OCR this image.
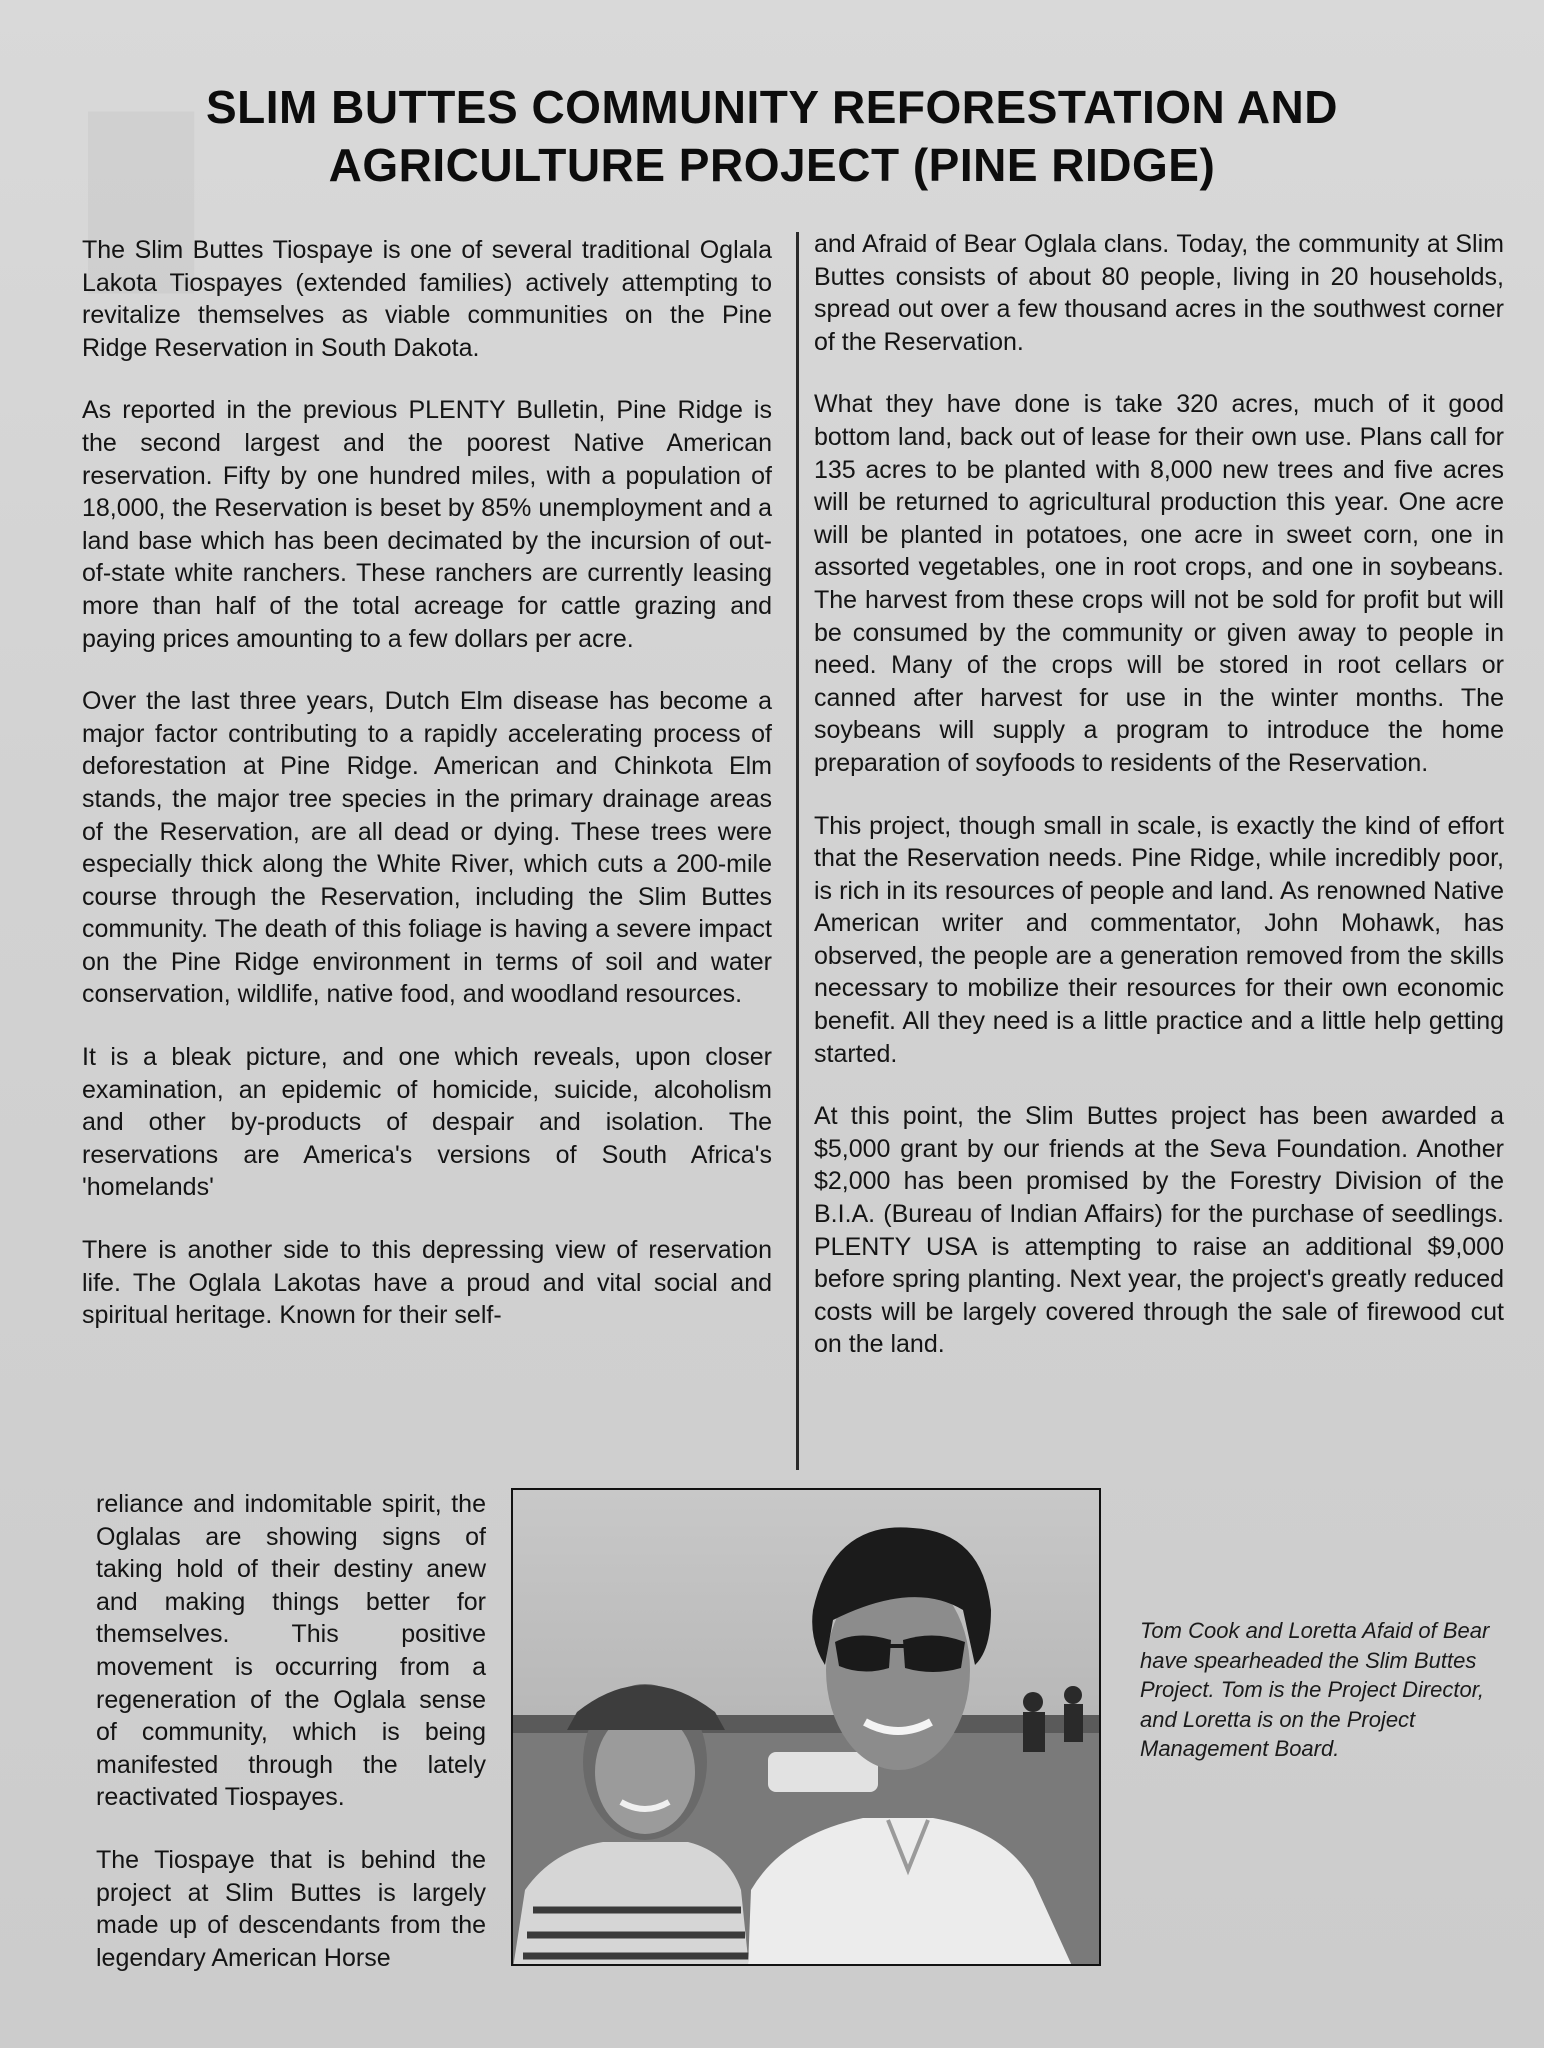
█
SLIM BUTTES COMMUNITY REFORESTATION AND
AGRICULTURE PROJECT (PINE RIDGE)

The Slim Buttes Tiospaye is one of several traditional Oglala Lakota Tiospayes (extended families) actively attempting to revitalize themselves as viable communities on the Pine Ridge Reservation in South Dakota.

As reported in the previous PLENTY Bulletin, Pine Ridge is the second largest and the poorest Native American reservation. Fifty by one hundred miles, with a population of 18,000, the Reservation is beset by 85% unemployment and a land base which has been decimated by the incursion of out-of-state white ranchers. These ranchers are currently leasing more than half of the total acreage for cattle grazing and paying prices amounting to a few dollars per acre.

Over the last three years, Dutch Elm disease has become a major factor contributing to a rapidly accelerating process of deforestation at Pine Ridge. American and Chinkota Elm stands, the major tree species in the primary drainage areas of the Reservation, are all dead or dying. These trees were especially thick along the White River, which cuts a 200-mile course through the Reservation, including the Slim Buttes community. The death of this foliage is having a severe impact on the Pine Ridge environment in terms of soil and water conservation, wildlife, native food, and woodland resources.

It is a bleak picture, and one which reveals, upon closer examination, an epidemic of homicide, suicide, alcoholism and other by-products of despair and isolation. The reservations are America's versions of South Africa's 'homelands'

There is another side to this depressing view of reservation life. The Oglala Lakotas have a proud and vital social and spiritual heritage. Known for their self-

and Afraid of Bear Oglala clans. Today, the community at Slim Buttes consists of about 80 people, living in 20 households, spread out over a few thousand acres in the southwest corner of the Reservation.

What they have done is take 320 acres, much of it good bottom land, back out of lease for their own use. Plans call for 135 acres to be planted with 8,000 new trees and five acres will be returned to agricultural production this year. One acre will be planted in potatoes, one acre in sweet corn, one in assorted vegetables, one in root crops, and one in soybeans. The harvest from these crops will not be sold for profit but will be consumed by the community or given away to people in need. Many of the crops will be stored in root cellars or canned after harvest for use in the winter months. The soybeans will supply a program to introduce the home preparation of soyfoods to residents of the Reservation.

This project, though small in scale, is exactly the kind of effort that the Reservation needs. Pine Ridge, while incredibly poor, is rich in its resources of people and land. As renowned Native American writer and commentator, John Mohawk, has observed, the people are a generation removed from the skills necessary to mobilize their resources for their own economic benefit. All they need is a little practice and a little help getting started.

At this point, the Slim Buttes project has been awarded a $5,000 grant by our friends at the Seva Foundation. Another $2,000 has been promised by the Forestry Division of the B.I.A. (Bureau of Indian Affairs) for the purchase of seedlings. PLENTY USA is attempting to raise an additional $9,000 before spring planting. Next year, the project's greatly reduced costs will be largely covered through the sale of firewood cut on the land.

reliance and indomitable spirit, the Oglalas are showing signs of taking hold of their destiny anew and making things better for themselves. This positive movement is occurring from a regeneration of the Oglala sense of community, which is being manifested through the lately reactivated Tiospayes.

The Tiospaye that is behind the project at Slim Buttes is largely made up of descendants from the legendary American Horse

Tom Cook and Loretta Afaid of Bear have spearheaded the Slim Buttes Project. Tom is the Project Director, and Loretta is on the Project Management Board.
